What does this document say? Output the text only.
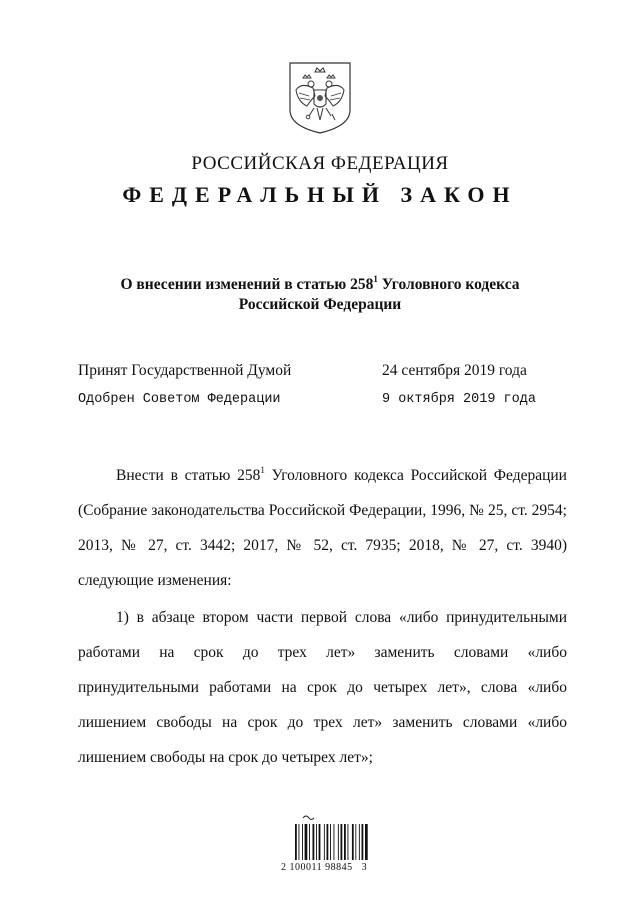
РОССИЙСКАЯ ФЕДЕРАЦИЯ
ФЕДЕРАЛЬНЫЙ ЗАКОН
О внесении изменений в статью $258^1$ Уголовного кодекса
Российской Федерации
Принят Государственной Думой	24 сентября 2019 года
Одобрен Советом Федерации	9 октября 2019 года

Внести в статью $258^1$ Уголовного кодекса Российской Федерации (Собрание законодательства Российской Федерации, 1996, № 25, ст. 2954; 2013, № 27, ст. 3442; 2017, № 52, ст. 7935; 2018, № 27, ст. 3940) следующие изменения:

1) в абзаце втором части первой слова «либо принудительными работами на срок до трех лет» заменить словами «либо принудительными работами на срок до четырех лет», слова «либо лишением свободы на срок до трех лет» заменить словами «либо лишением свободы на срок до четырех лет»;

2 100011 98845   3
